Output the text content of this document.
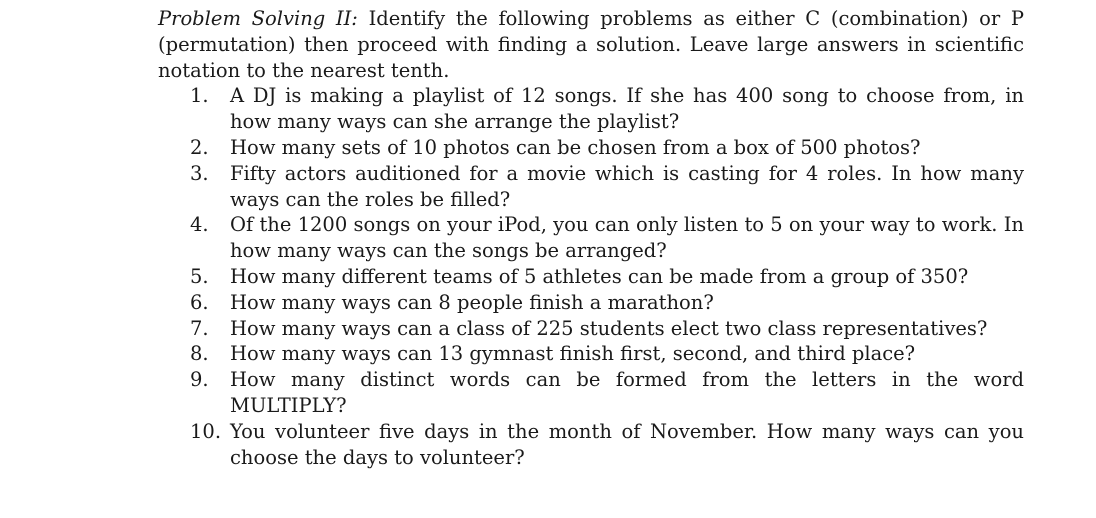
Problem Solving II: Identify the following problems as either C (combination) or P (permutation) then proceed with finding a solution. Leave large answers in scientific notation to the nearest tenth.

1.	A DJ is making a playlist of 12 songs. If she has 400 song to choose from, in how many ways can she arrange the playlist?
2.	How many sets of 10 photos can be chosen from a box of 500 photos?
3.	Fifty actors auditioned for a movie which is casting for 4 roles. In how many ways can the roles be filled?
4.	Of the 1200 songs on your iPod, you can only listen to 5 on your way to work. In how many ways can the songs be arranged?
5.	How many different teams of 5 athletes can be made from a group of 350?
6.	How many ways can 8 people finish a marathon?
7.	How many ways can a class of 225 students elect two class representatives?
8.	How many ways can 13 gymnast finish first, second, and third place?
9.	How many distinct words can be formed from the letters in the word MULTIPLY?
10. You volunteer five days in the month of November. How many ways can you choose the days to volunteer?
